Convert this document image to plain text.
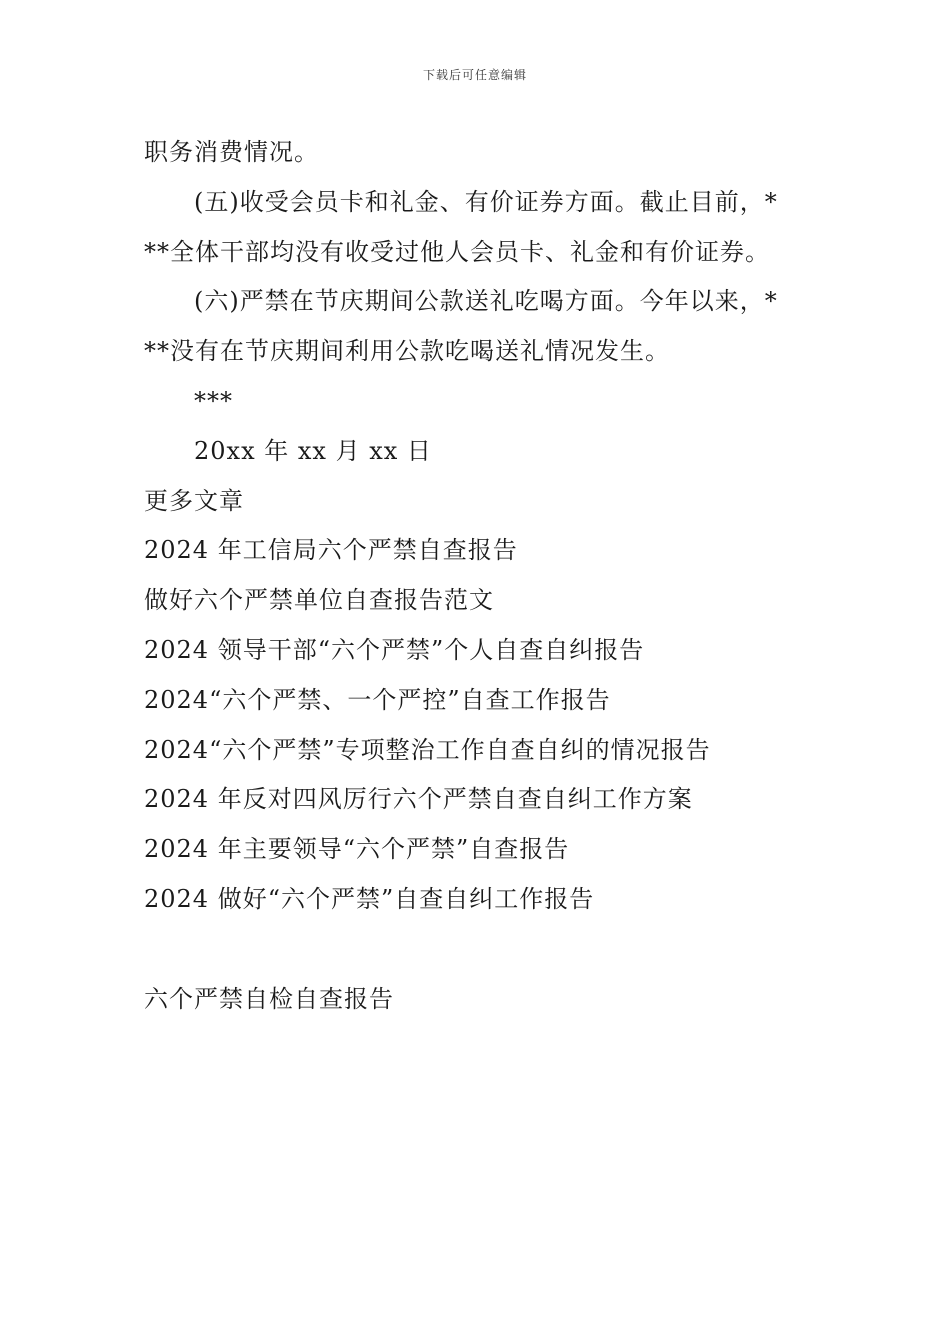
下载后可任意编辑
职务消费情况。
(五)收受会员卡和礼金、有价证券方面。截止目前，*
**全体干部均没有收受过他人会员卡、礼金和有价证券。
(六)严禁在节庆期间公款送礼吃喝方面。今年以来，*
**没有在节庆期间利用公款吃喝送礼情况发生。
***
20xx 年 xx 月 xx 日
更多文章
2024 年工信局六个严禁自查报告
做好六个严禁单位自查报告范文
2024 领导干部“六个严禁”个人自查自纠报告
2024“六个严禁、一个严控”自查工作报告
2024“六个严禁”专项整治工作自查自纠的情况报告
2024 年反对四风厉行六个严禁自查自纠工作方案
2024 年主要领导“六个严禁”自查报告
2024 做好“六个严禁”自查自纠工作报告
六个严禁自检自查报告
